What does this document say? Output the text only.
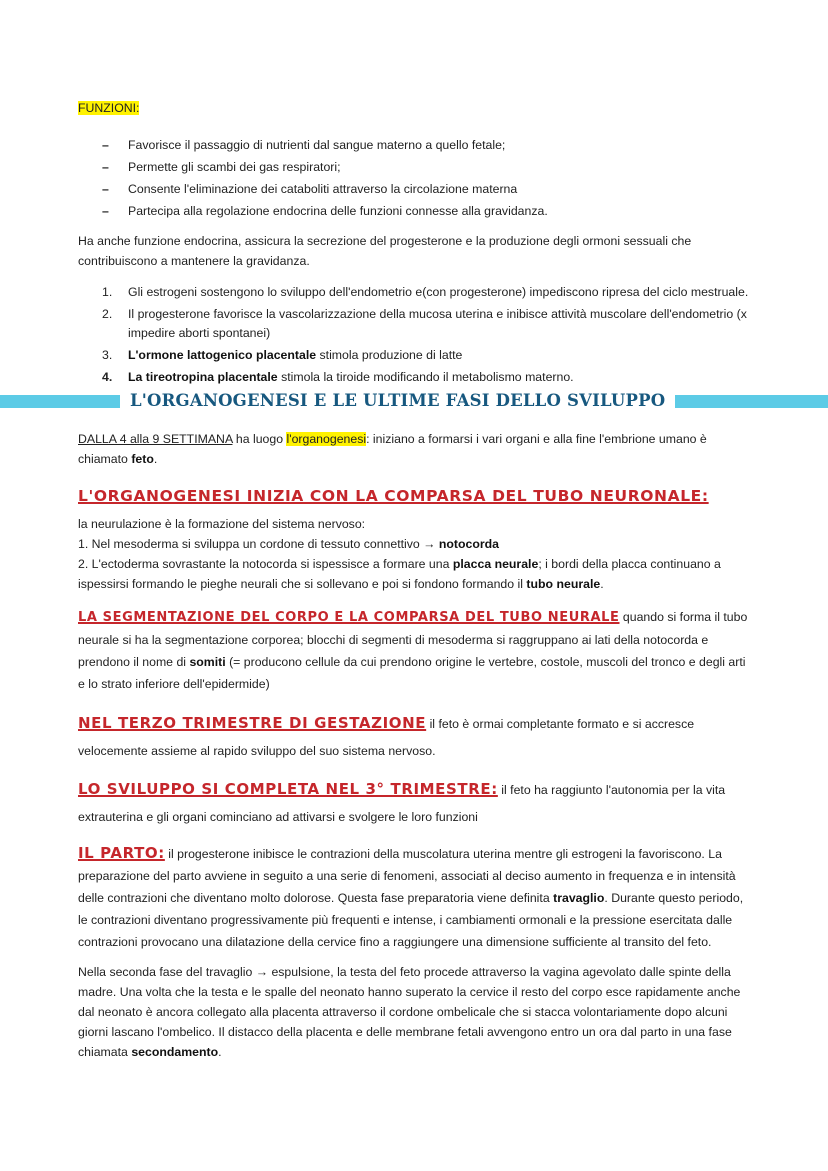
FUNZIONI:
– Favorisce il passaggio di nutrienti dal sangue materno a quello fetale;
– Permette gli scambi dei gas respiratori;
– Consente l'eliminazione dei cataboliti attraverso la circolazione materna
– Partecipa alla regolazione endocrina delle funzioni connesse alla gravidanza.
Ha anche funzione endocrina, assicura la secrezione del progesterone e la produzione degli ormoni sessuali che contribuiscono a mantenere la gravidanza.
1. Gli estrogeni sostengono lo sviluppo dell'endometrio e(con progesterone) impediscono ripresa del ciclo mestruale.
2. Il progesterone favorisce la vascolarizzazione della mucosa uterina e inibisce attività muscolare dell'endometrio (x impedire aborti spontanei)
3. L'ormone lattogenico placentale stimola produzione di latte
4. La tireotropina placentale stimola la tiroide modificando il metabolismo materno.
L'ORGANOGENESI E LE ULTIME FASI DELLO SVILUPPO
DALLA 4 alla 9 SETTIMANA ha luogo l'organogenesi: iniziano a formarsi i vari organi e alla fine l'embrione umano è chiamato feto.
L'ORGANOGENESI INIZIA CON LA COMPARSA DEL TUBO NEURONALE:
la neurulazione è la formazione del sistema nervoso:
1. Nel mesoderma si sviluppa un cordone di tessuto connettivo → notocorda
2. L'ectoderma sovrastante la notocorda si ispessisce a formare una placca neurale; i bordi della placca continuano a ispessirsi formando le pieghe neurali che si sollevano e poi si fondono formando il tubo neurale.
LA SEGMENTAZIONE DEL CORPO E LA COMPARSA DEL TUBO NEURALE quando si forma il tubo neurale si ha la segmentazione corporea; blocchi di segmenti di mesoderma si raggruppano ai lati della notocorda e prendono il nome di somiti (= producono cellule da cui prendono origine le vertebre, costole, muscoli del tronco e degli arti e lo strato inferiore dell'epidermide)
NEL TERZO TRIMESTRE DI GESTAZIONE il feto è ormai completante formato e si accresce velocemente assieme al rapido sviluppo del suo sistema nervoso.
LO SVILUPPO SI COMPLETA NEL 3° TRIMESTRE: il feto ha raggiunto l'autonomia per la vita extrauterina e gli organi cominciano ad attivarsi e svolgere le loro funzioni
IL PARTO: il progesterone inibisce le contrazioni della muscolatura uterina mentre gli estrogeni la favoriscono. La preparazione del parto avviene in seguito a una serie di fenomeni, associati al deciso aumento in frequenza e in intensità delle contrazioni che diventano molto dolorose. Questa fase preparatoria viene definita travaglio. Durante questo periodo, le contrazioni diventano progressivamente più frequenti e intense, i cambiamenti ormonali e la pressione esercitata dalle contrazioni provocano una dilatazione della cervice fino a raggiungere una dimensione sufficiente al transito del feto.
Nella seconda fase del travaglio → espulsione, la testa del feto procede attraverso la vagina agevolato dalle spinte della madre. Una volta che la testa e le spalle del neonato hanno superato la cervice il resto del corpo esce rapidamente anche dal neonato è ancora collegato alla placenta attraverso il cordone ombelicale che si stacca volontariamente dopo alcuni giorni lascano l'ombelico. Il distacco della placenta e delle membrane fetali avvengono entro un ora dal parto in una fase chiamata secondamento.
